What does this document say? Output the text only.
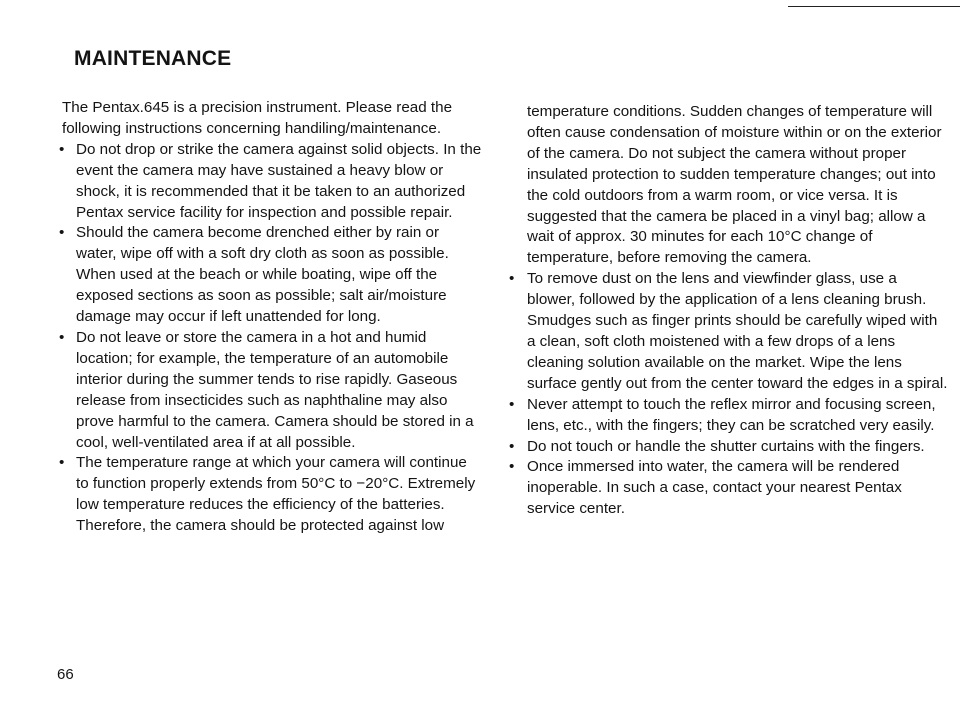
MAINTENANCE

The Pentax.645 is a precision instrument. Please read the following instructions concerning handiling/maintenance.

• Do not drop or strike the camera against solid objects. In the event the camera may have sustained a heavy blow or shock, it is recommended that it be taken to an authorized Pentax service facility for inspection and possible repair.
• Should the camera become drenched either by rain or water, wipe off with a soft dry cloth as soon as possible. When used at the beach or while boating, wipe off the exposed sections as soon as possible; salt air/moisture damage may occur if left unattended for long.
• Do not leave or store the camera in a hot and humid location; for example, the temperature of an automobile interior during the summer tends to rise rapidly. Gaseous release from insecticides such as naphthaline may also prove harmful to the camera. Camera should be stored in a cool, well-ventilated area if at all possible.
• The temperature range at which your camera will continue to function properly extends from 50°C to −20°C. Extremely low temperature reduces the efficiency of the batteries. Therefore, the camera should be protected against low

temperature conditions. Sudden changes of temperature will often cause condensation of moisture within or on the exterior of the camera. Do not subject the camera without proper insulated protection to sudden temperature changes; out into the cold outdoors from a warm room, or vice versa. It is suggested that the camera be placed in a vinyl bag; allow a wait of approx. 30 minutes for each 10°C change of temperature, before removing the camera.

• To remove dust on the lens and viewfinder glass, use a blower, followed by the application of a lens cleaning brush. Smudges such as finger prints should be carefully wiped with a clean, soft cloth moistened with a few drops of a lens cleaning solution available on the market. Wipe the lens surface gently out from the center toward the edges in a spiral.
• Never attempt to touch the reflex mirror and focusing screen, lens, etc., with the fingers; they can be scratched very easily.
• Do not touch or handle the shutter curtains with the fingers.
• Once immersed into water, the camera will be rendered inoperable. In such a case, contact your nearest Pentax service center.
66
